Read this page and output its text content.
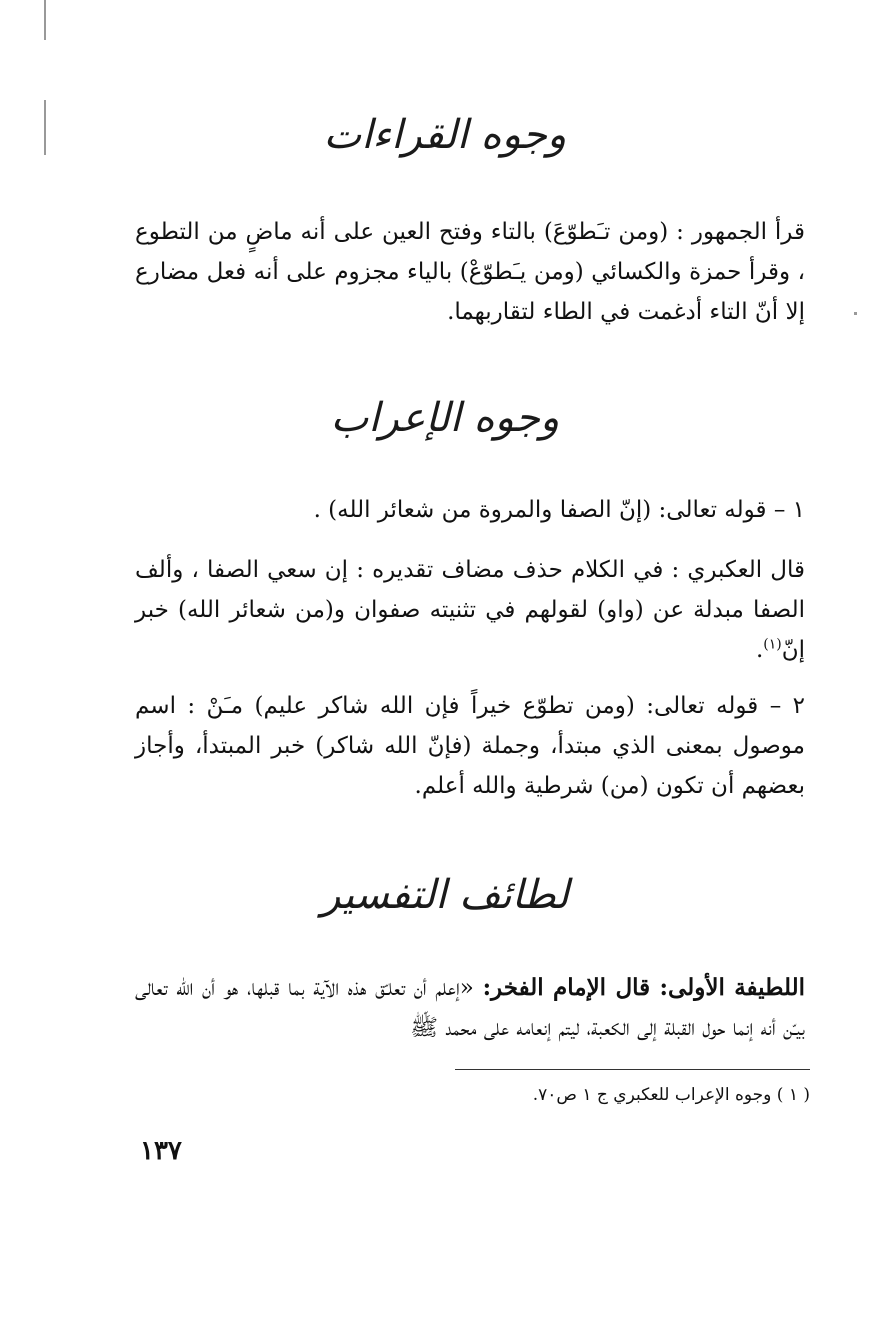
وجوه القراءات

قرأ الجمهور : (ومن تـَطوّعَ) بالتاء وفتح العين على أنه ماضٍ من التطوع ، وقرأ حمزة والكسائي (ومن يـَطوّعْ) بالياء مجزوم على أنه فعل مضارع إلا أنّ التاء أدغمت في الطاء لتقاربهما.

وجوه الإعراب

١ – قوله تعالى: (إنّ الصفا والمروة من شعائر الله) .

قال العكبري : في الكلام حذف مضاف تقديره : إن سعي الصفا ، وألف الصفا مبدلة عن (واو) لقولهم في تثنيته صفوان و(من شعائر الله) خبر إنّ$^{(١)}$.

٢ – قوله تعالى: (ومن تطوّع خيراً فإن الله شاكر عليم) مـَنْ : اسم موصول بمعنى الذي مبتدأ، وجملة (فإنّ الله شاكر) خبر المبتدأ، وأجاز بعضهم أن تكون (من) شرطية والله أعلم.

لطائف التفسير

اللطيفة الأولى: قال الإمام الفخر: «إعلم أن تعلـّق هذه الآية بما قبلها، هو أن الله تعالى بيـّن أنه إنما حول القبلة إلى الكعبة، ليتم إنعامه على محمد ﷺ

( ١ ) وجوه الإعراب للعكبري ج ١ ص٧٠.

١٣٧
